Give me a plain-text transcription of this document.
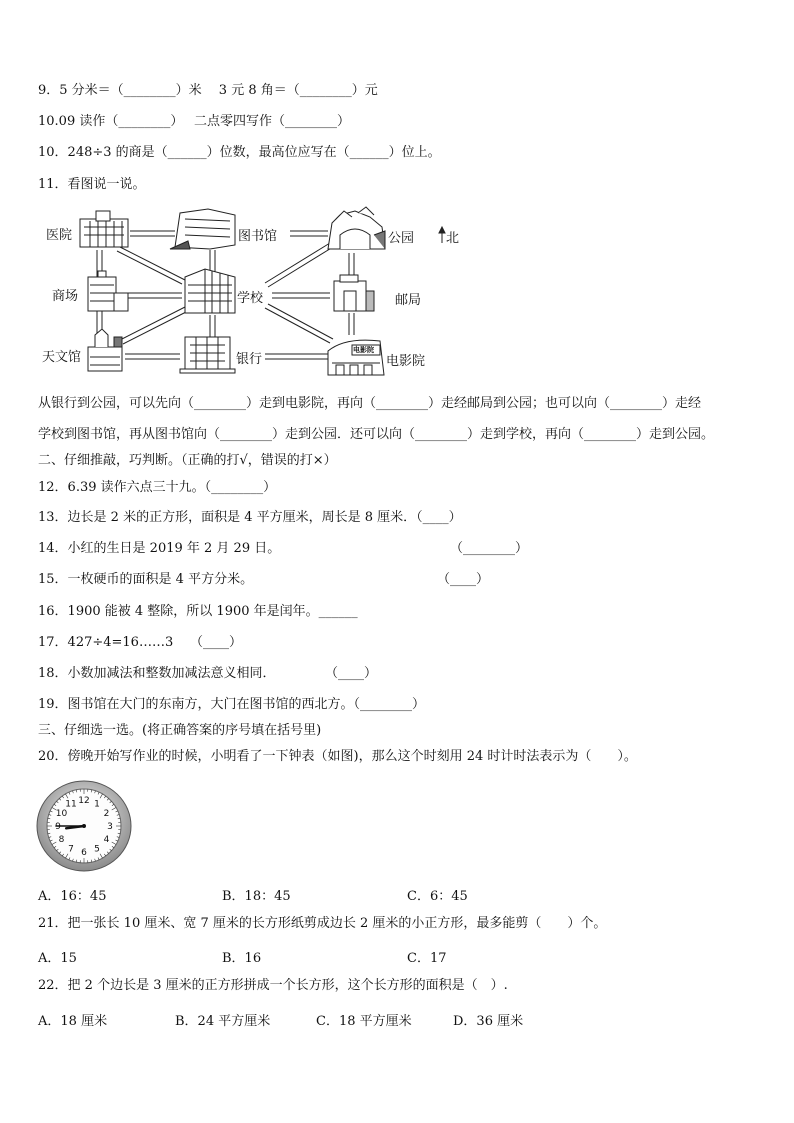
9．5 分米＝（________）米　 3 元 8 角＝（________）元
10.09 读作（________）　 二点零四写作（________）
10．248÷3 的商是（______）位数，最高位应写在（______）位上。
11．看图说一说。
医院	图书馆	公园 北
商场	学校	邮局
天文馆	银行	电影院
电影院
从银行到公园，可以先向（________）走到电影院，再向（________）走经邮局到公园；也可以向（________）走经
学校到图书馆，再从图书馆向（________）走到公园．还可以向（________）走到学校，再向（________）走到公园。
二、仔细推敲，巧判断。（正确的打√，错误的打×）
12．6.39 读作六点三十九。（________）
13．边长是 2 米的正方形，面积是 4 平方厘米，周长是 8 厘米．（____）
14．小红的生日是 2019 年 2 月 29 日。	（________）
15．一枚硬币的面积是 4 平方分米。	（____）
16．1900 能被 4 整除，所以 1900 年是闰年。______
17．427÷4=16……3 （____）
18．小数加减法和整数加减法意义相同．	（____）
19．图书馆在大门的东南方，大门在图书馆的西北方。（________）
三、仔细选一选。(将正确答案的序号填在括号里)
20．傍晚开始写作业的时候，小明看了一下钟表（如图)，那么这个时刻用 24 时计时法表示为（　　）。
12 1
2
3
4
5
6
7
8
9
10
11
A．16：45	B．18：45	C．6：45
21．把一张长 10 厘米、宽 7 厘米的长方形纸剪成边长 2 厘米的小正方形，最多能剪（　　）个。
A．15	B．16	C．17
22．把 2 个边长是 3 厘米的正方形拼成一个长方形，这个长方形的面积是（　）.
A．18 厘米	B．24 平方厘米	C．18 平方厘米	D．36 厘米
